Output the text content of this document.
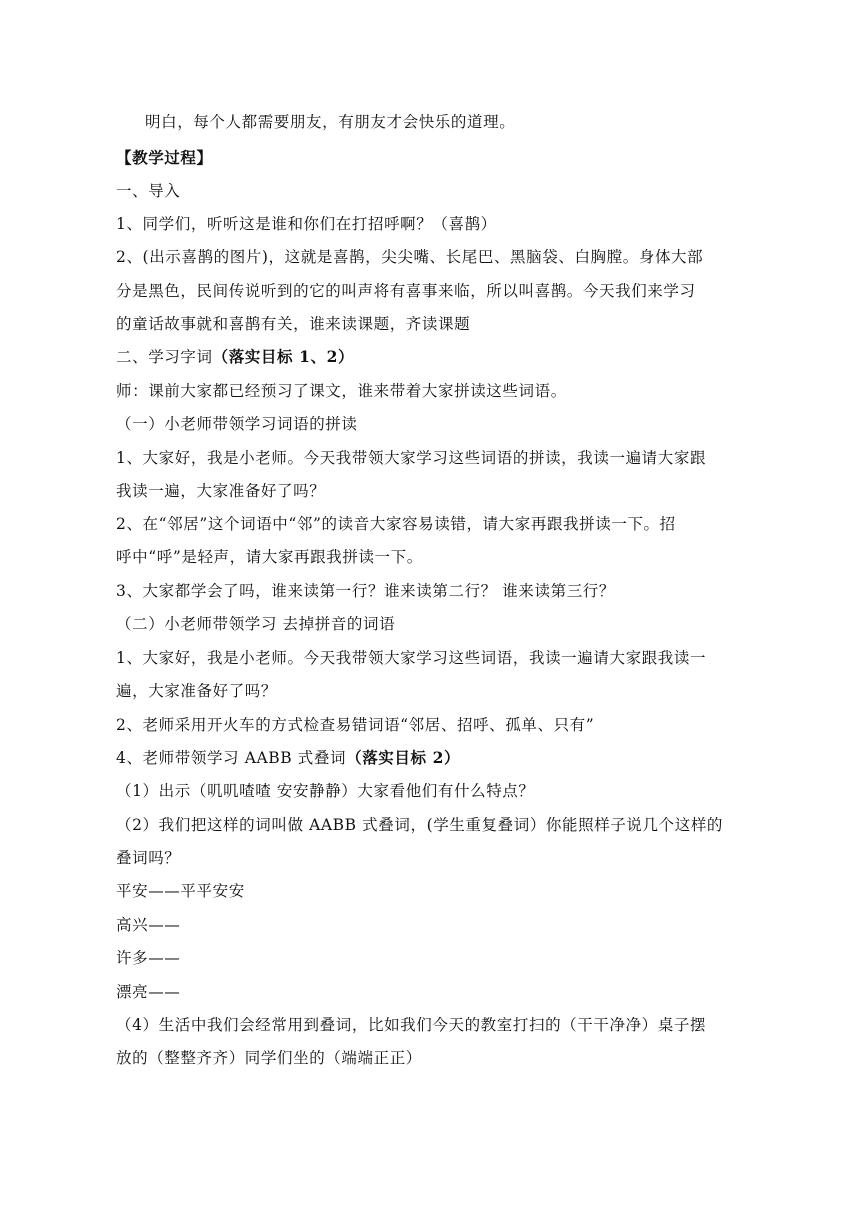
明白，每个人都需要朋友，有朋友才会快乐的道理。
【教学过程】
一、导入
1、同学们，听听这是谁和你们在打招呼啊？（喜鹊）
2、(出示喜鹊的图片)，这就是喜鹊，尖尖嘴、长尾巴、黑脑袋、白胸膛。身体大部
分是黑色，民间传说听到的它的叫声将有喜事来临，所以叫喜鹊。今天我们来学习
的童话故事就和喜鹊有关，谁来读课题，齐读课题
二、学习字词（落实目标 1、2）
师：课前大家都已经预习了课文，谁来带着大家拼读这些词语。
（一）小老师带领学习词语的拼读
1、大家好，我是小老师。今天我带领大家学习这些词语的拼读，我读一遍请大家跟
我读一遍，大家准备好了吗？
2、在“邻居”这个词语中“邻”的读音大家容易读错，请大家再跟我拼读一下。招
呼中“呼”是轻声，请大家再跟我拼读一下。
3、大家都学会了吗，谁来读第一行？谁来读第二行？ 谁来读第三行？
（二）小老师带领学习 去掉拼音的词语
1、大家好，我是小老师。今天我带领大家学习这些词语，我读一遍请大家跟我读一
遍，大家准备好了吗？
2、老师采用开火车的方式检查易错词语“邻居、招呼、孤单、只有”
4、老师带领学习 AABB 式叠词（落实目标 2）
（1）出示（叽叽喳喳 安安静静）大家看他们有什么特点？
（2）我们把这样的词叫做 AABB 式叠词，(学生重复叠词）你能照样子说几个这样的
叠词吗？
平安——平平安安
高兴——
许多——
漂亮——
（4）生活中我们会经常用到叠词，比如我们今天的教室打扫的（干干净净）桌子摆
放的（整整齐齐）同学们坐的（端端正正）
